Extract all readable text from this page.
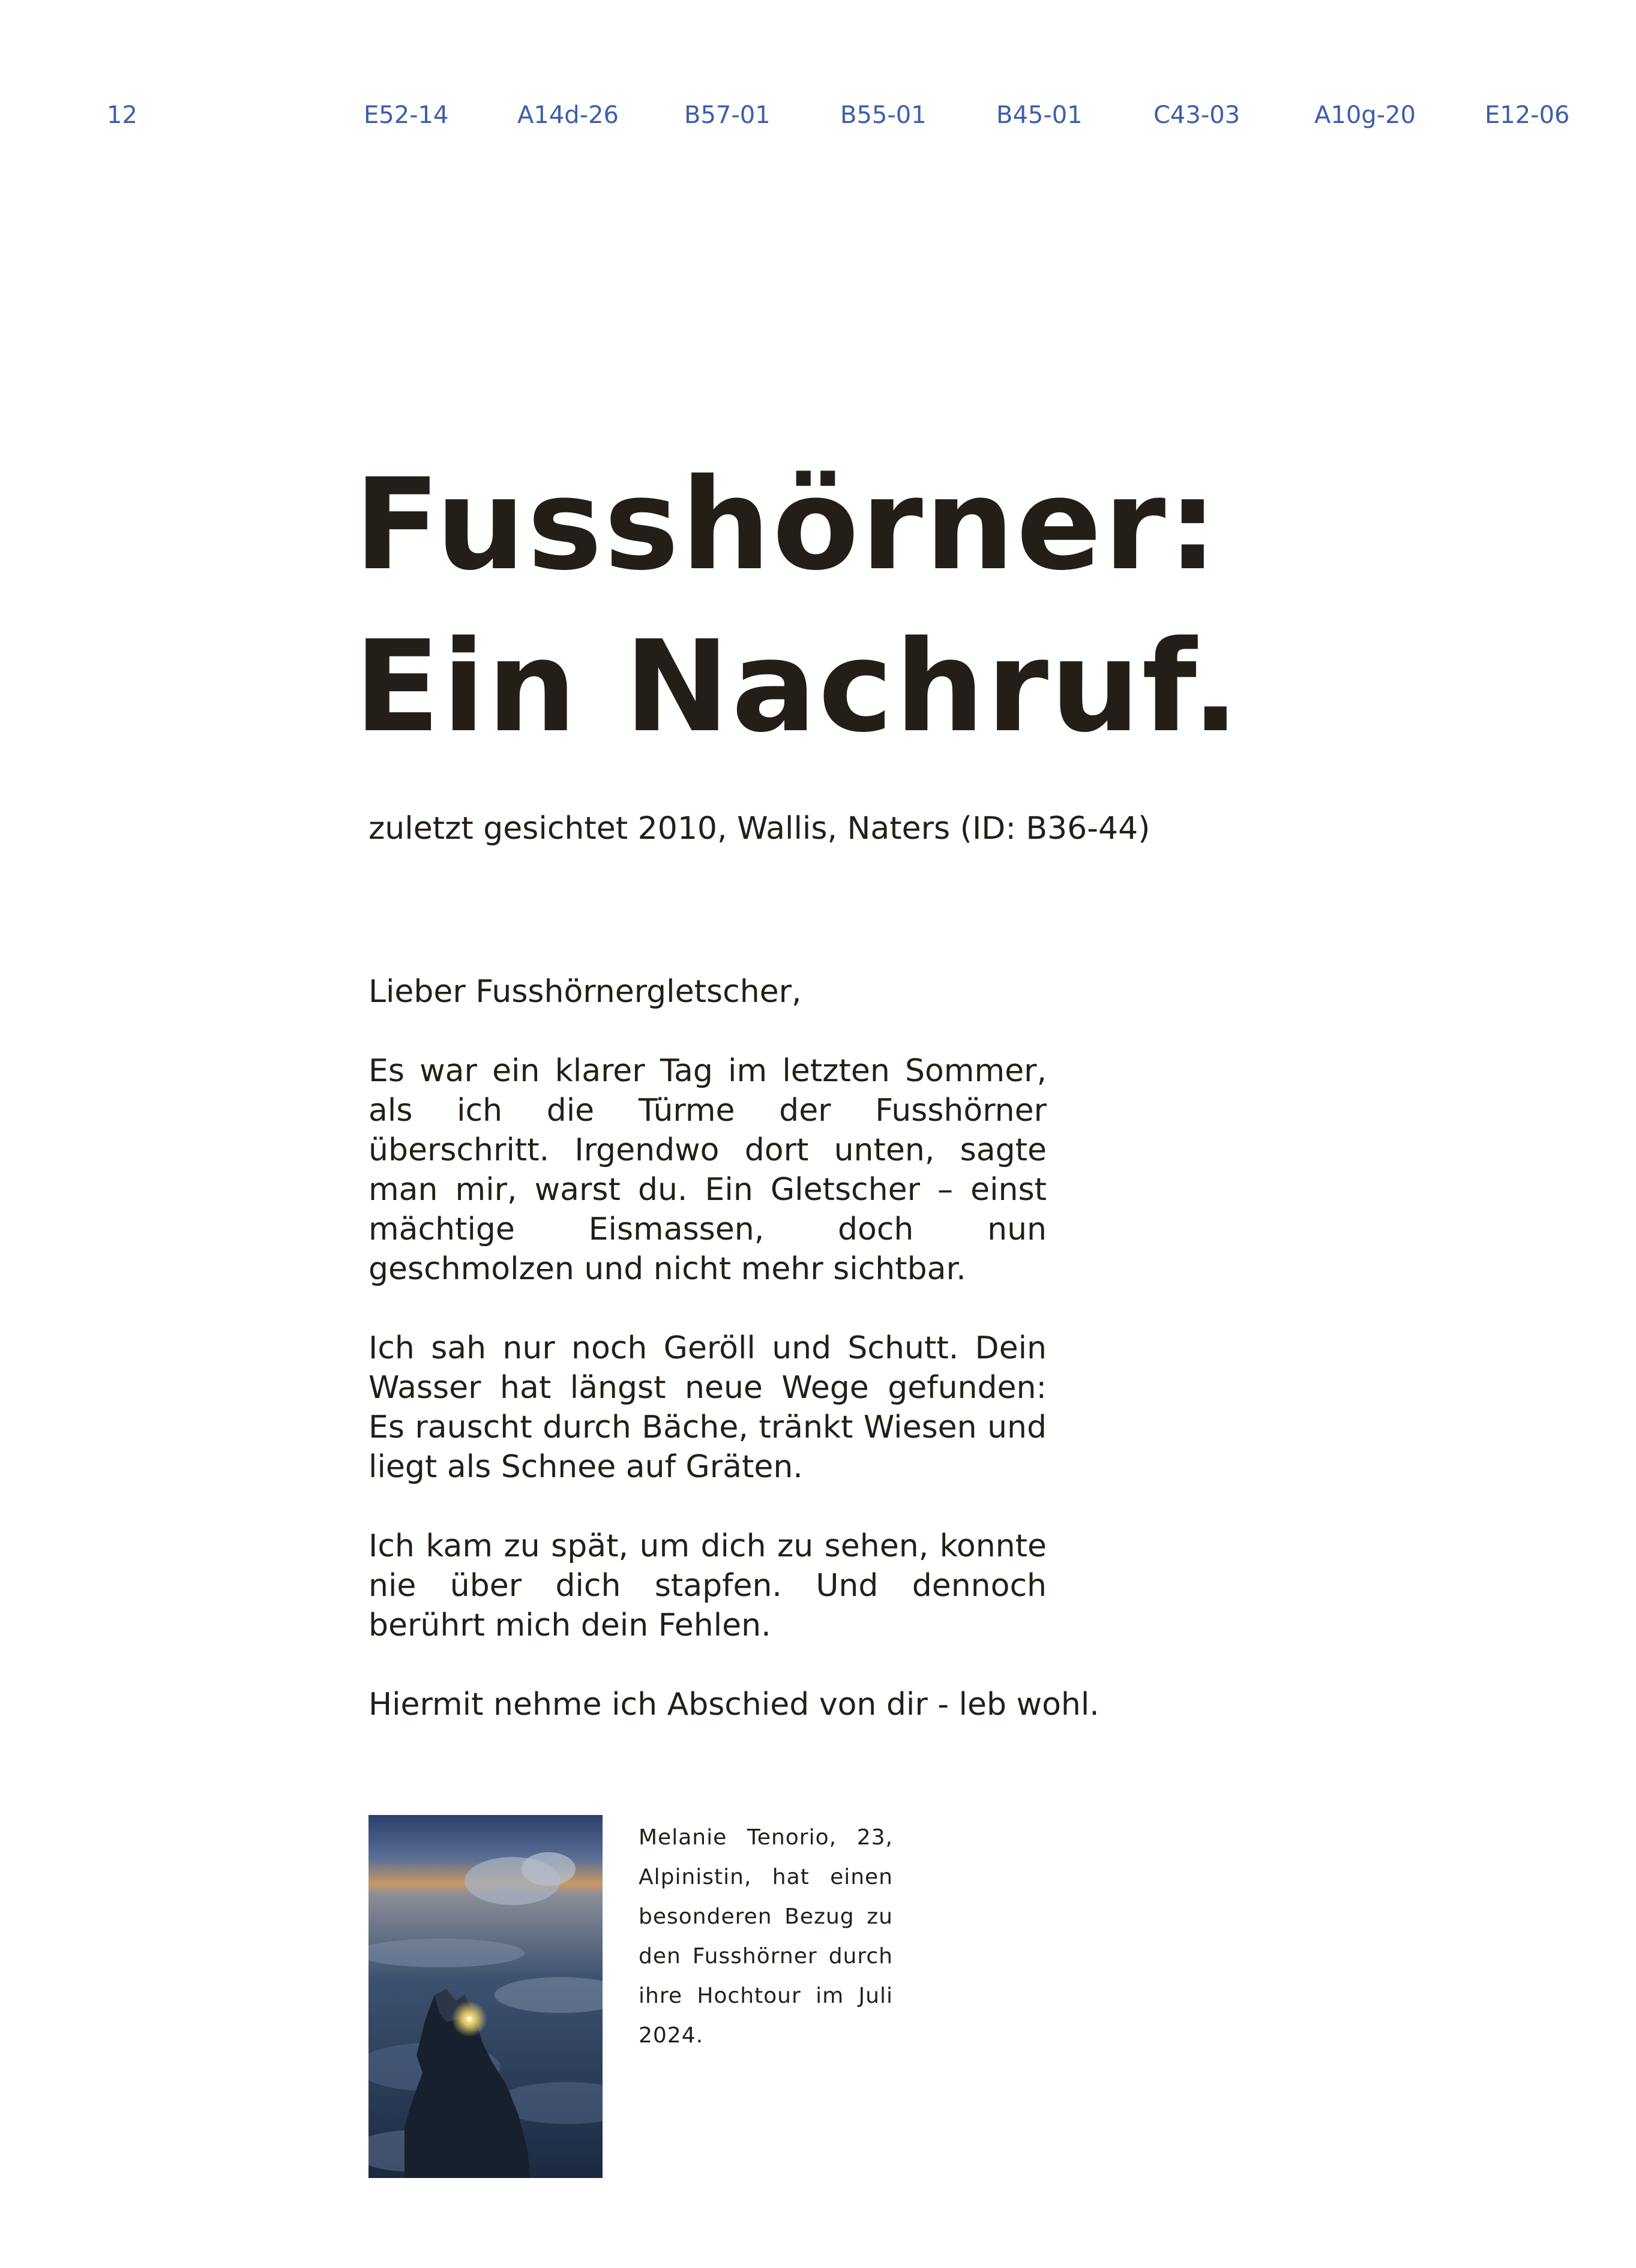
12	E52-14	A14d-26	B57-01	B55-01	B45-01	C43-03	A10g-20	E12-06
Fusshörner:
Ein Nachruf.
zuletzt gesichtet 2010, Wallis, Naters (ID: B36-44)

Lieber Fusshörnergletscher,

Es war ein klarer Tag im letzten Sommer, als ich die Türme der Fusshörner überschritt. Irgendwo dort unten, sagte man mir, warst du. Ein Gletscher – einst mächtige Eismassen, doch nun geschmolzen und nicht mehr sichtbar.

Ich sah nur noch Geröll und Schutt. Dein Wasser hat längst neue Wege gefunden: Es rauscht durch Bäche, tränkt Wiesen und liegt als Schnee auf Gräten.

Ich kam zu spät, um dich zu sehen, konnte nie über dich stapfen. Und dennoch berührt mich dein Fehlen.

Hiermit nehme ich Abschied von dir - leb wohl.

Melanie Tenorio, 23, Alpinistin, hat einen besonderen Bezug zu den Fusshörner durch ihre Hochtour im Juli 2024.
